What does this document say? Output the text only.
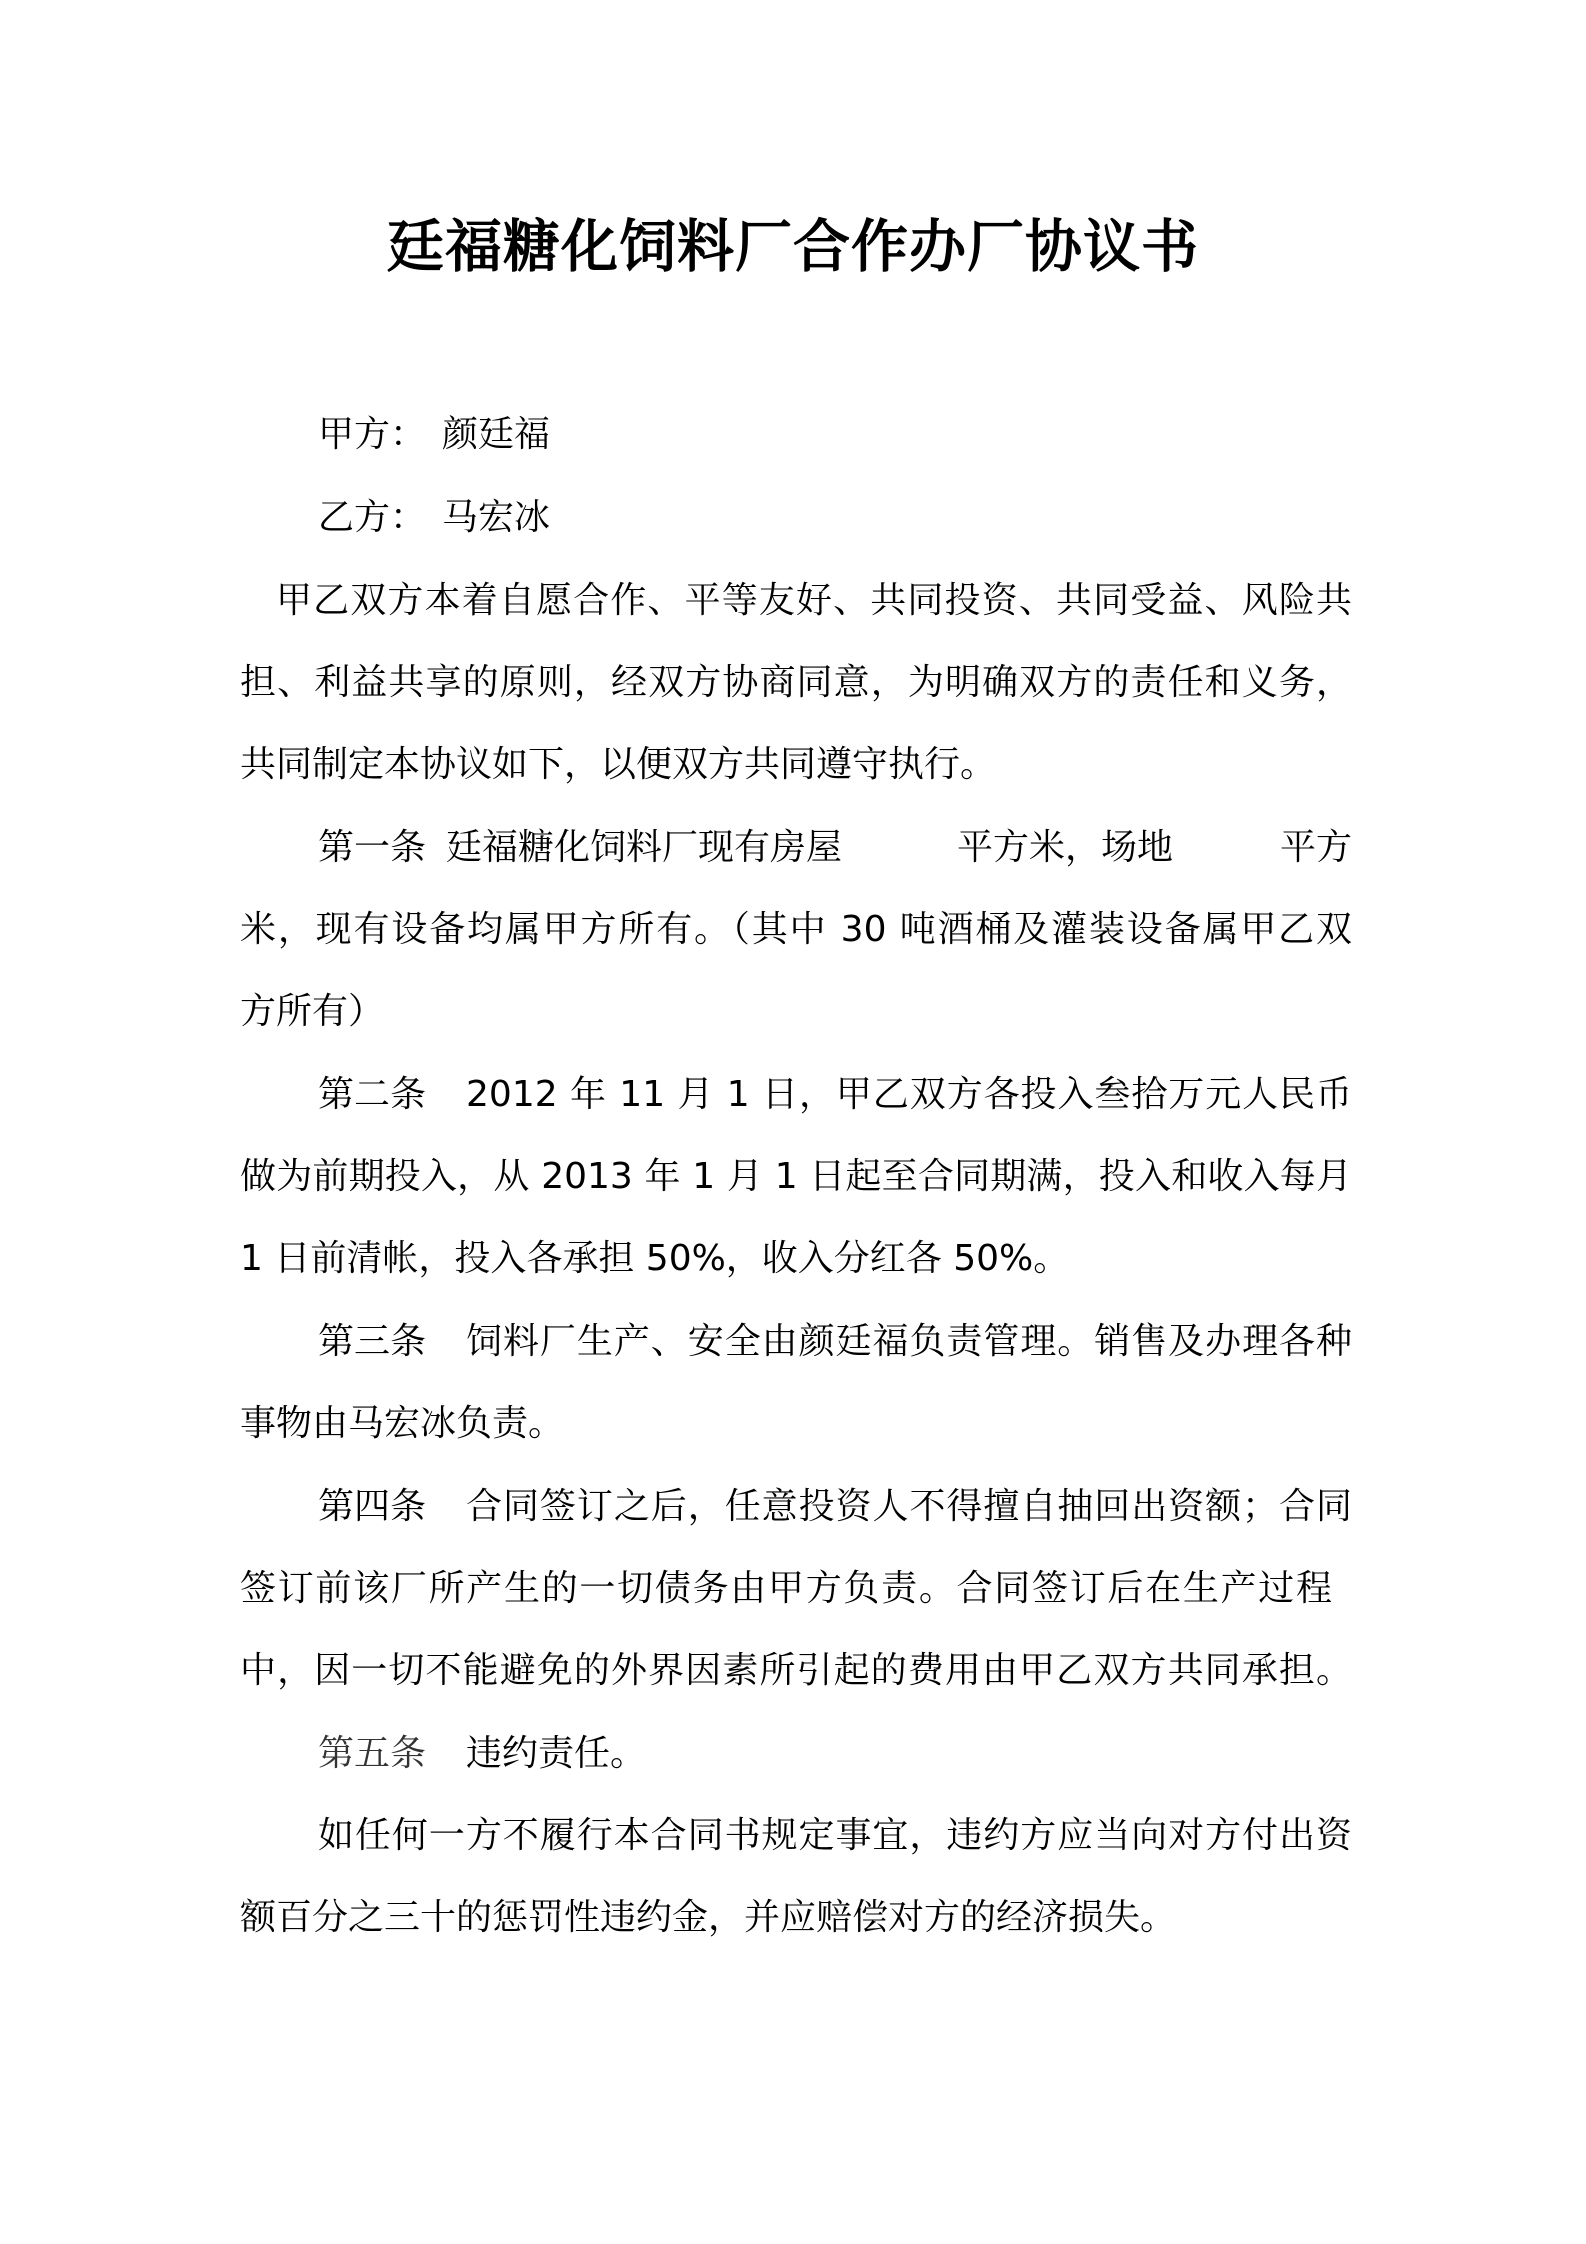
廷福糖化饲料厂合作办厂协议书
甲方： 颜廷福
乙方： 马宏冰
甲乙双方本着自愿合作、平等友好、共同投资、共同受益、风险共
担、利益共享的原则，经双方协商同意，为明确双方的责任和义务，
共同制定本协议如下，以便双方共同遵守执行。
第一条 廷福糖化饲料厂现有房屋	平方米，场地	平方
米，现有设备均属甲方所有。（其中 30 吨酒桶及灌装设备属甲乙双
方所有）
第二条 2012 年 11 月 1 日，甲乙双方各投入叁拾万元人民币
做为前期投入，从 2013 年 1 月 1 日起至合同期满，投入和收入每月
1 日前清帐，投入各承担 50%，收入分红各 50%。
第三条 饲料厂生产、安全由颜廷福负责管理。销售及办理各种
事物由马宏冰负责。
第四条 合同签订之后，任意投资人不得擅自抽回出资额；合同
签订前该厂所产生的一切债务由甲方负责。合同签订后在生产过程
中，因一切不能避免的外界因素所引起的费用由甲乙双方共同承担。
第五条 违约责任。
如任何一方不履行本合同书规定事宜，违约方应当向对方付出资
额百分之三十的惩罚性违约金，并应赔偿对方的经济损失。
